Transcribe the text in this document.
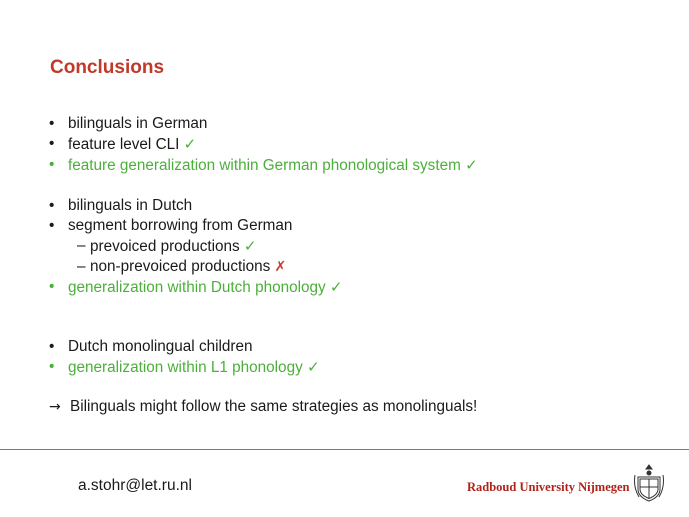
Conclusions
• bilinguals in German
• feature level CLI ✓
• feature generalization within German phonological system ✓
• bilinguals in Dutch
• segment borrowing from German
– prevoiced productions ✓
– non-prevoiced productions ✗
• generalization within Dutch phonology ✓
• Dutch monolingual children
• generalization within L1 phonology ✓
→ Bilinguals might follow the same strategies as monolinguals!
a.stohr@let.ru.nl	Radboud University Nijmegen
